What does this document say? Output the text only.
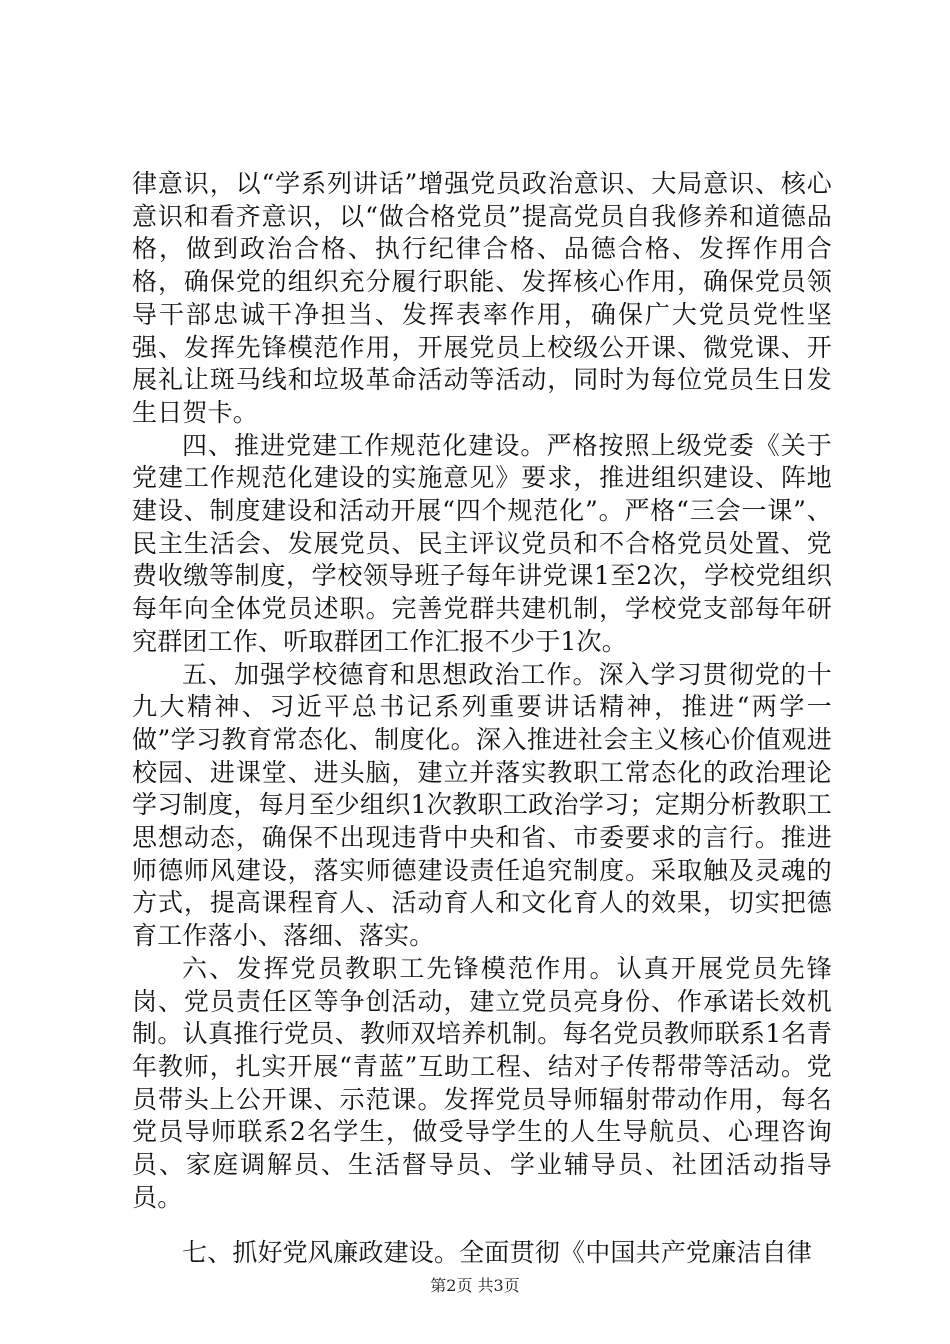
律意识，以“学系列讲话”增强党员政治意识、大局意识、核心意识和看齐意识，以“做合格党员”提高党员自我修养和道德品格，做到政治合格、执行纪律合格、品德合格、发挥作用合格，确保党的组织充分履行职能、发挥核心作用，确保党员领导干部忠诚干净担当、发挥表率作用，确保广大党员党性坚强、发挥先锋模范作用，开展党员上校级公开课、微党课、开展礼让斑马线和垃圾革命活动等活动，同时为每位党员生日发生日贺卡。

四、推进党建工作规范化建设。严格按照上级党委《关于党建工作规范化建设的实施意见》要求，推进组织建设、阵地建设、制度建设和活动开展“四个规范化”。严格“三会一课”、民主生活会、发展党员、民主评议党员和不合格党员处置、党费收缴等制度，学校领导班子每年讲党课1至2次，学校党组织每年向全体党员述职。完善党群共建机制，学校党支部每年研究群团工作、听取群团工作汇报不少于1次。

五、加强学校德育和思想政治工作。深入学习贯彻党的十九大精神、习近平总书记系列重要讲话精神，推进“两学一做”学习教育常态化、制度化。深入推进社会主义核心价值观进校园、进课堂、进头脑，建立并落实教职工常态化的政治理论学习制度，每月至少组织1次教职工政治学习；定期分析教职工思想动态，确保不出现违背中央和省、市委要求的言行。推进师德师风建设，落实师德建设责任追究制度。采取触及灵魂的方式，提高课程育人、活动育人和文化育人的效果，切实把德育工作落小、落细、落实。

六、发挥党员教职工先锋模范作用。认真开展党员先锋岗、党员责任区等争创活动，建立党员亮身份、作承诺长效机制。认真推行党员、教师双培养机制。每名党员教师联系1名青年教师，扎实开展“青蓝”互助工程、结对子传帮带等活动。党员带头上公开课、示范课。发挥党员导师辐射带动作用，每名党员导师联系2名学生，做受导学生的人生导航员、心理咨询员、家庭调解员、生活督导员、学业辅导员、社团活动指导员。

七、抓好党风廉政建设。全面贯彻《中国共产党廉洁自律

第2页 共3页
